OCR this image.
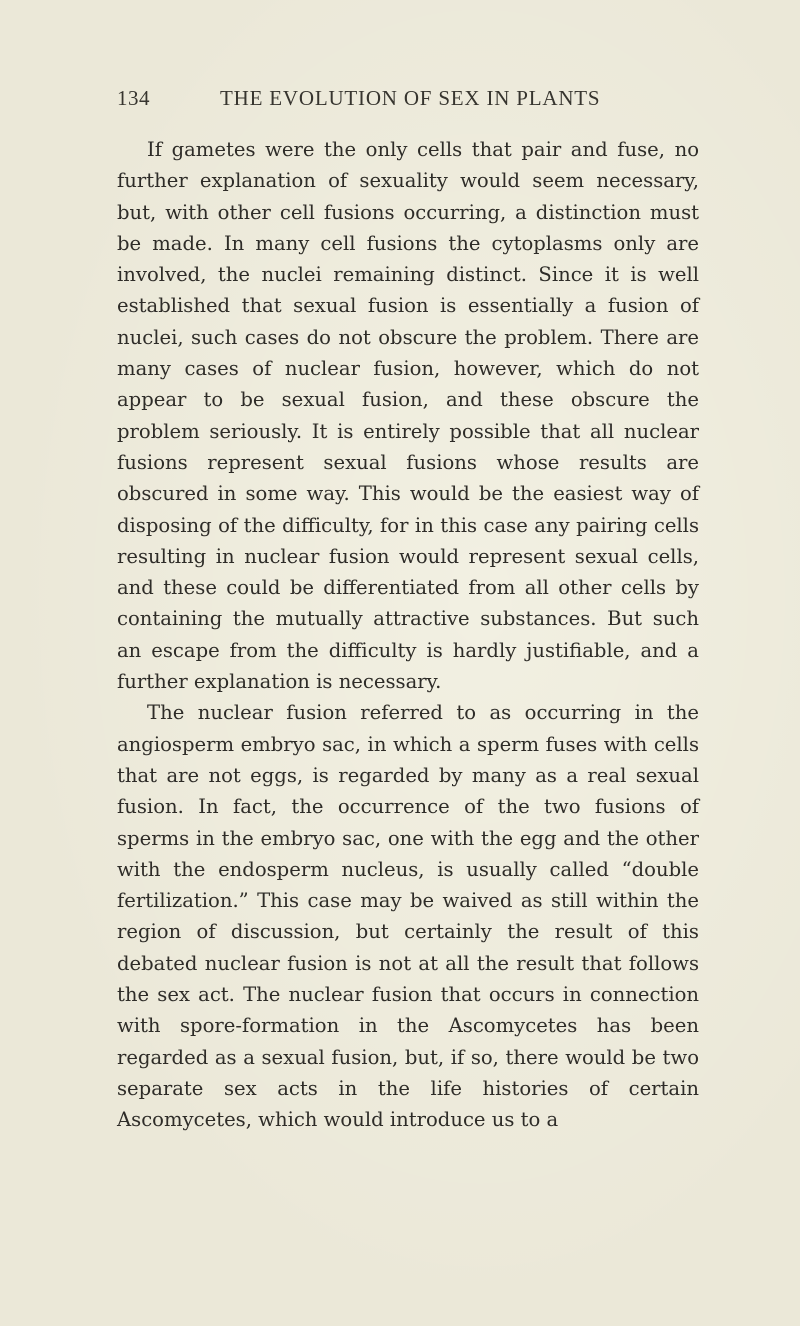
134	THE EVOLUTION OF SEX IN PLANTS

If gametes were the only cells that pair and fuse, no further explanation of sexuality would seem necessary, but, with other cell fusions occurring, a distinction must be made. In many cell fusions the cytoplasms only are involved, the nuclei remaining distinct. Since it is well established that sexual fusion is essentially a fusion of nuclei, such cases do not obscure the problem. There are many cases of nuclear fusion, however, which do not appear to be sexual fusion, and these obscure the problem seriously. It is entirely possible that all nuclear fusions represent sexual fusions whose results are obscured in some way. This would be the easiest way of disposing of the difficulty, for in this case any pairing cells resulting in nuclear fusion would represent sexual cells, and these could be differentiated from all other cells by containing the mutually attractive substances. But such an escape from the difficulty is hardly justifiable, and a further explanation is necessary.

The nuclear fusion referred to as occurring in the angiosperm embryo sac, in which a sperm fuses with cells that are not eggs, is regarded by many as a real sexual fusion. In fact, the occurrence of the two fusions of sperms in the embryo sac, one with the egg and the other with the endosperm nucleus, is usually called “double fertilization.” This case may be waived as still within the region of discussion, but certainly the result of this debated nuclear fusion is not at all the result that follows the sex act. The nuclear fusion that occurs in connection with spore-formation in the Ascomycetes has been regarded as a sexual fusion, but, if so, there would be two separate sex acts in the life histories of certain Ascomycetes, which would introduce us to a
